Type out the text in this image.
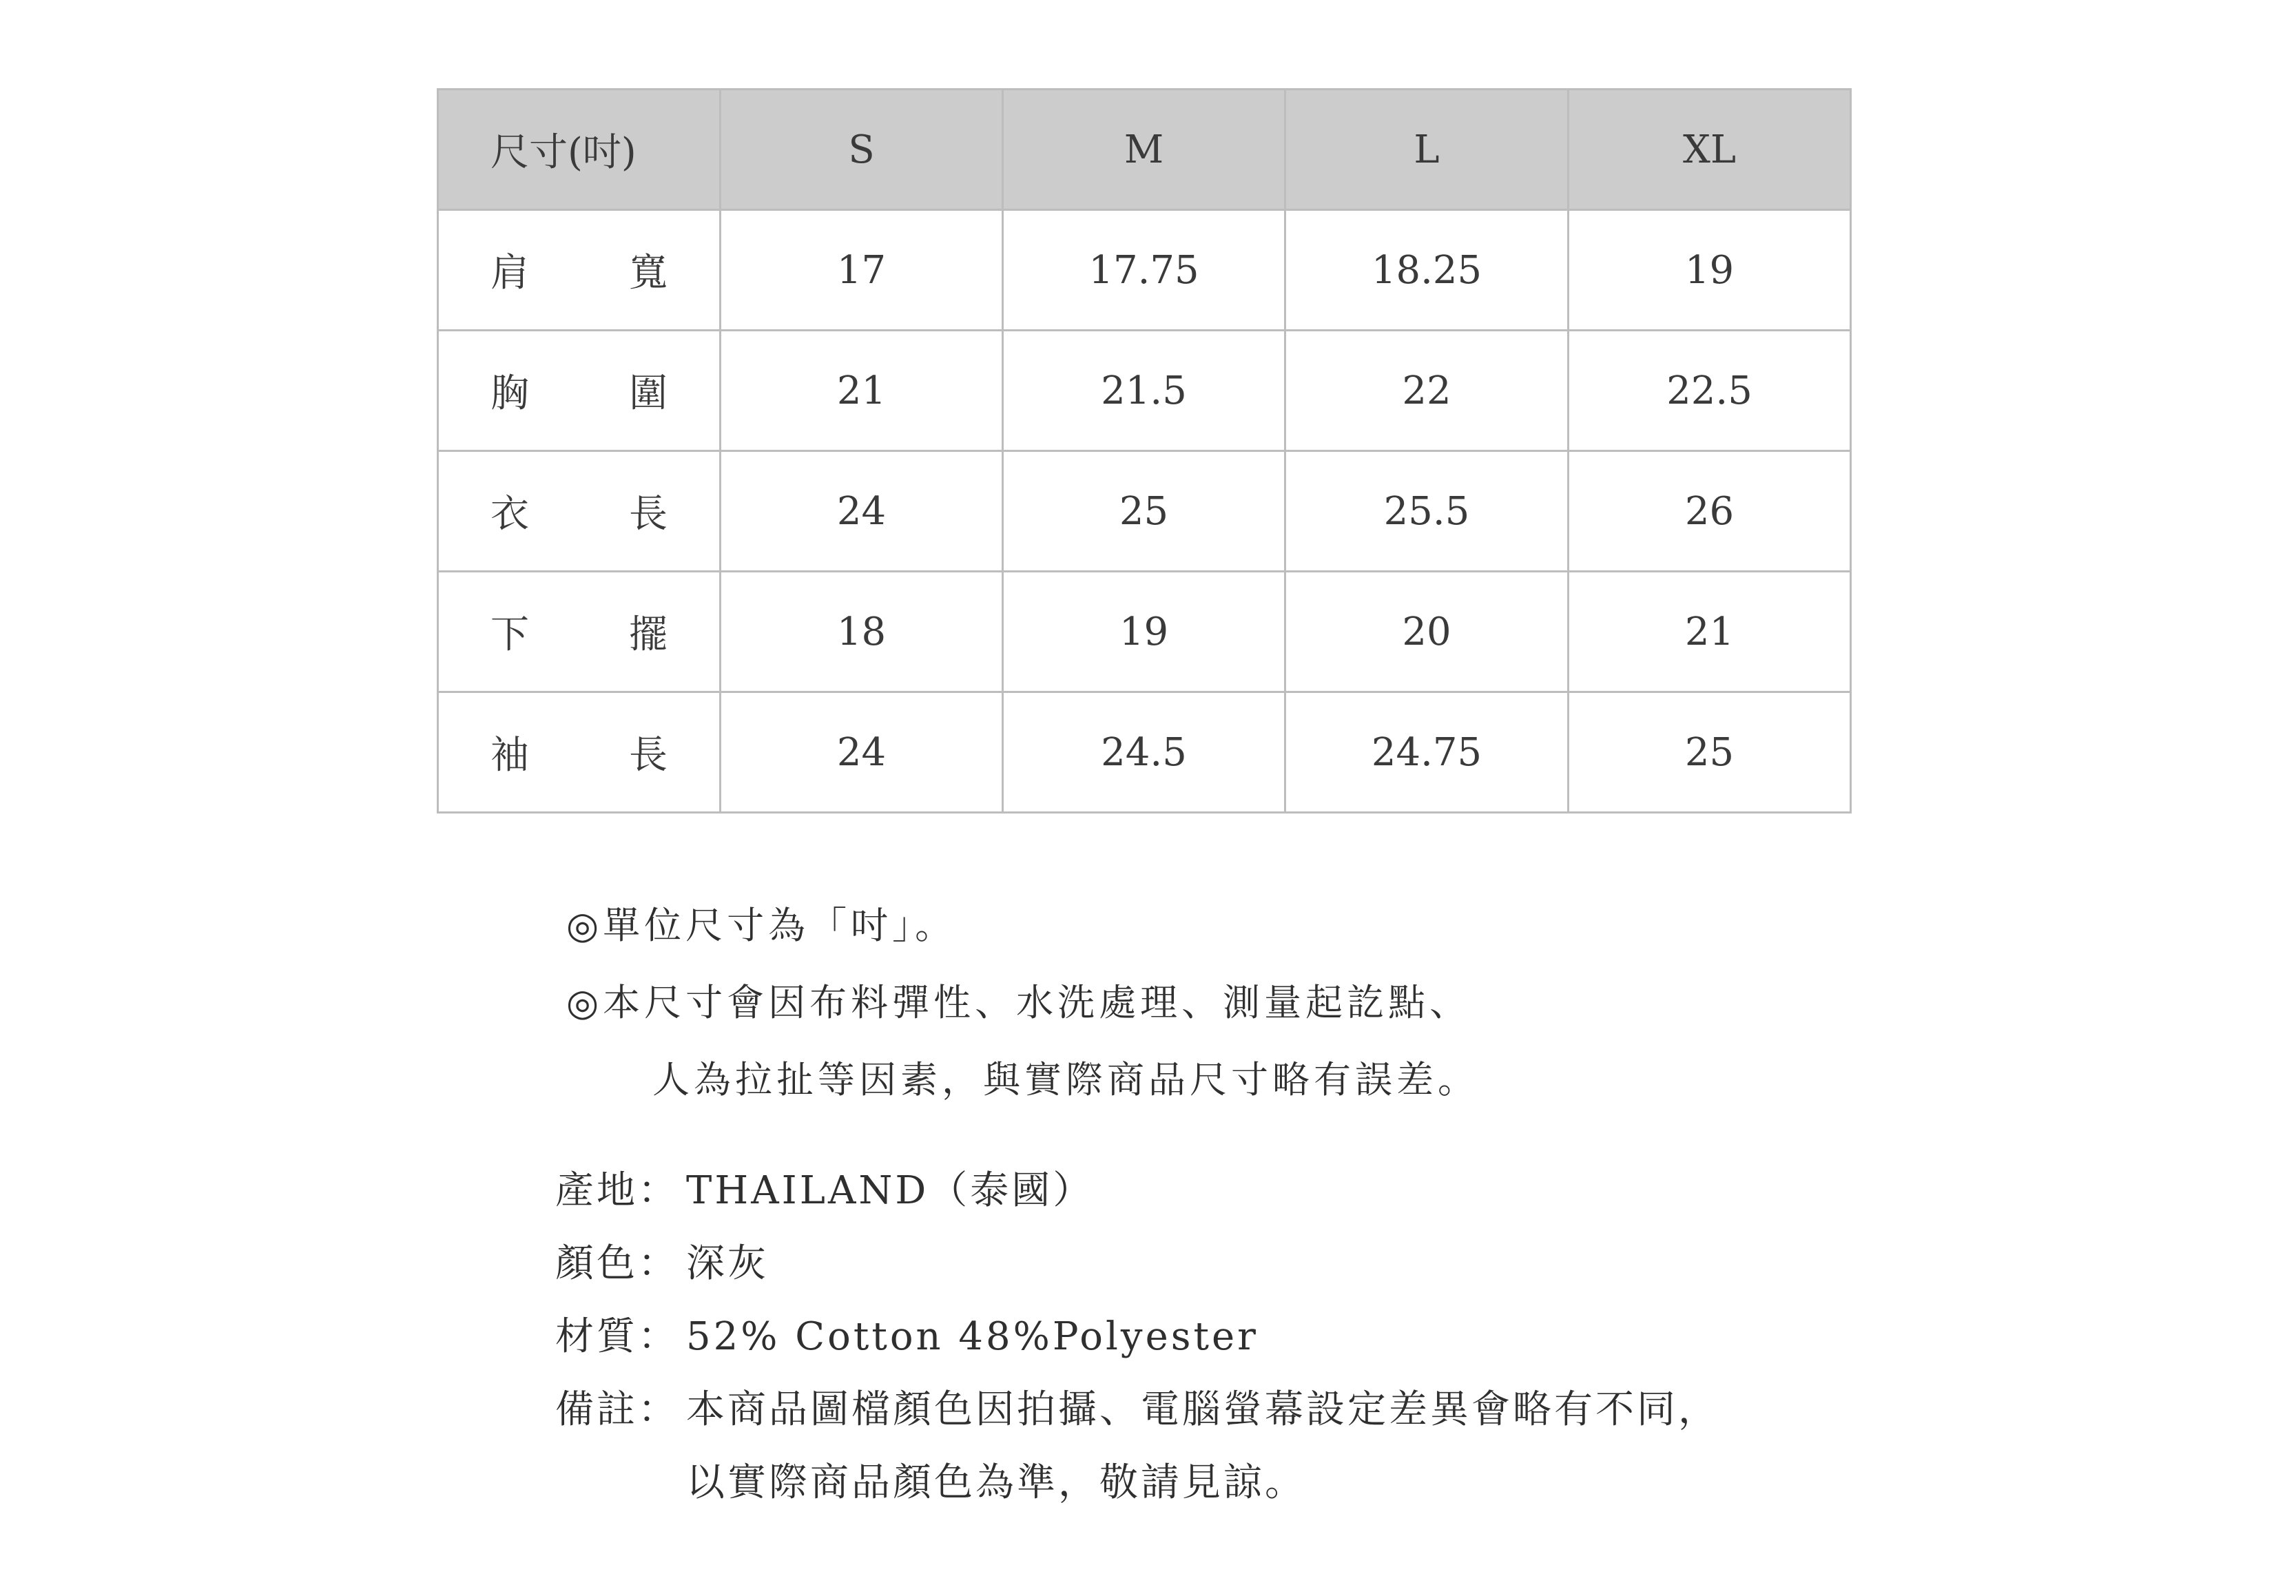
尺寸(吋)	S	M	L	XL

肩 寬	17	17.75	18.25	19

胸 圍	21	21.5	22	22.5

衣 長	24	25	25.5	26

下 擺	18	19	20	21

袖 長	24	24.5	24.75	25
◎單位尺寸為「吋」。
◎本尺寸會因布料彈性、水洗處理、測量起訖點、
人為拉扯等因素，與實際商品尺寸略有誤差。
產地： THAILAND（泰國）
顏色： 深灰
材質： 52% Cotton 48%Polyester
備註： 本商品圖檔顏色因拍攝、電腦螢幕設定差異會略有不同，
以實際商品顏色為準，敬請見諒。
